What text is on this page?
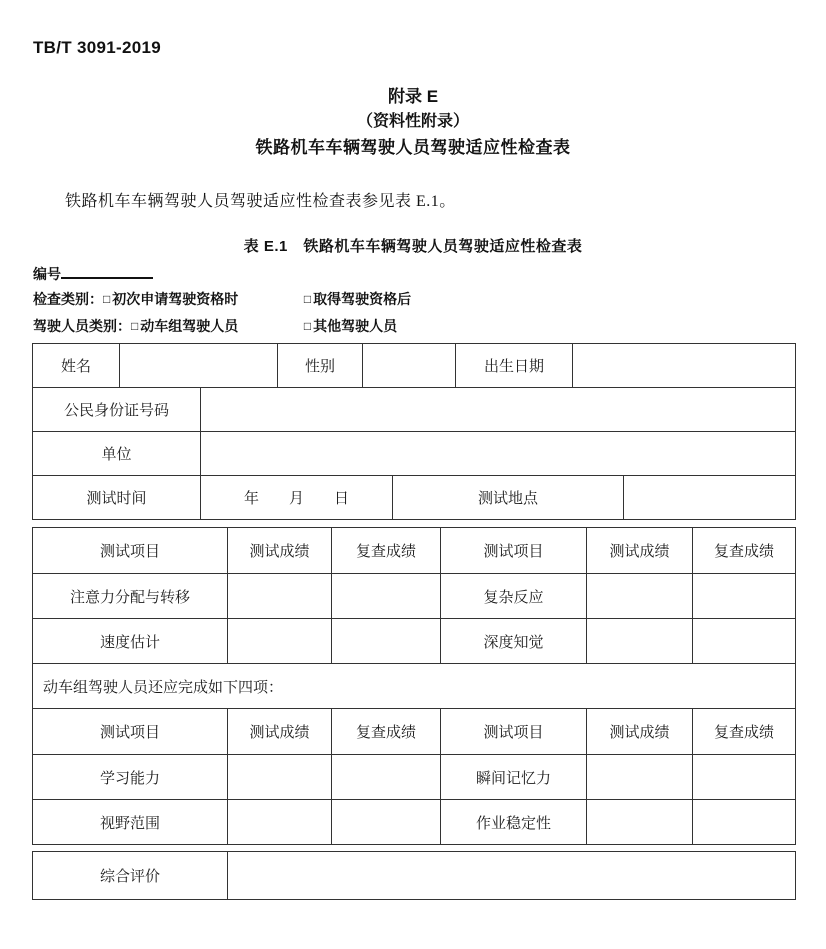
TB/T 3091-2019
附录 E
（资料性附录）
铁路机车车辆驾驶人员驾驶适应性检查表

铁路机车车辆驾驶人员驾驶适应性检查表参见表 E.1。

表 E.1　铁路机车车辆驾驶人员驾驶适应性检查表
编号
检查类别：□ 初次申请驾驶资格时	□ 取得驾驶资格后
驾驶人员类别：□ 动车组驾驶人员	□ 其他驾驶人员
姓名			性别			出生日期		
公民身份证号码								
单位								
测试时间		年　　月　　日			测试地点			
测试项目	测试成绩	复查成绩	测试项目	测试成绩	复查成绩
注意力分配与转移			复杂反应		
速度估计			深度知觉		
动车组驾驶人员还应完成如下四项：					
测试项目	测试成绩	复查成绩	测试项目	测试成绩	复查成绩
学习能力			瞬间记忆力		
视野范围			作业稳定性		
综合评价	
